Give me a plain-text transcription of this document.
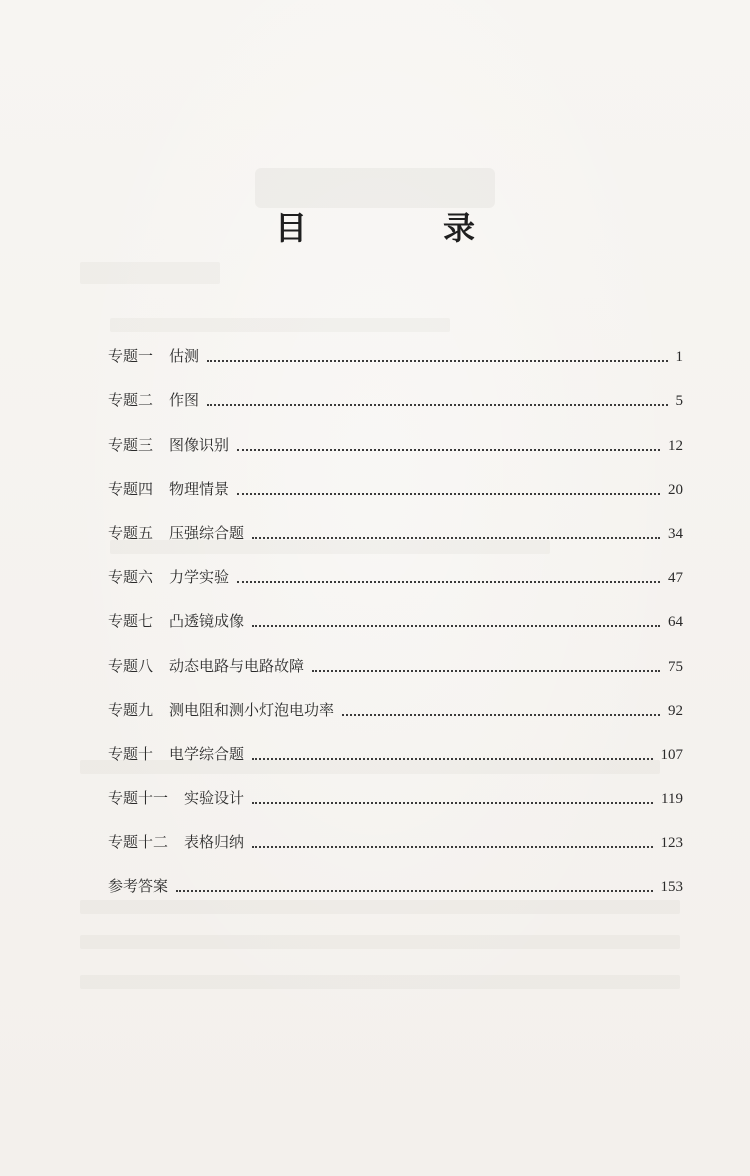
目　录
专题一 估测	1
专题二 作图	5
专题三 图像识别	12
专题四 物理情景	20
专题五 压强综合题	34
专题六 力学实验	47
专题七 凸透镜成像	64
专题八 动态电路与电路故障	75
专题九 测电阻和测小灯泡电功率	92
专题十 电学综合题	107
专题十一 实验设计	119
专题十二 表格归纳	123
参考答案	153
